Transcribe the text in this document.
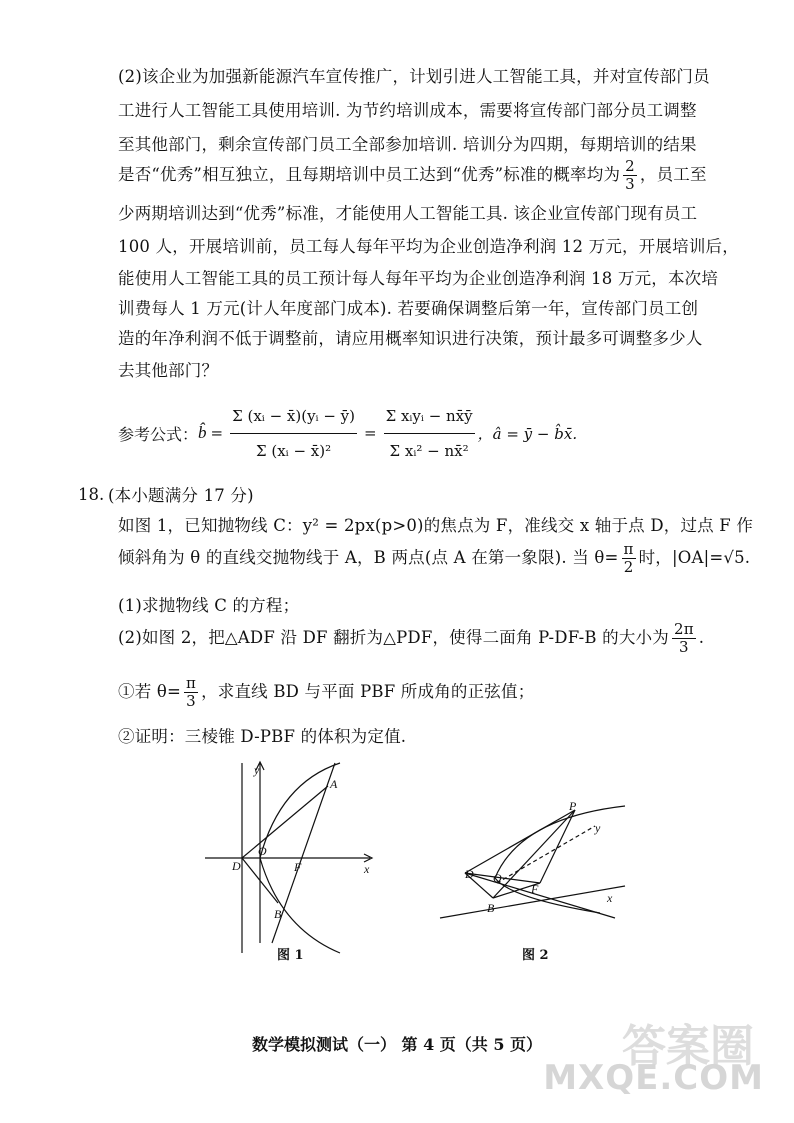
(2)该企业为加强新能源汽车宣传推广，计划引进人工智能工具，并对宣传部门员
工进行人工智能工具使用培训. 为节约培训成本，需要将宣传部门部分员工调整
至其他部门，剩余宣传部门员工全部参加培训. 培训分为四期，每期培训的结果
是否“优秀”相互独立，且每期培训中员工达到“优秀”标准的概率均为 $\frac{2}{3}$ ，员工至
少两期培训达到“优秀”标准，才能使用人工智能工具. 该企业宣传部门现有员工
100 人，开展培训前，员工每人每年平均为企业创造净利润 12 万元，开展培训后，
能使用人工智能工具的员工预计每人每年平均为企业创造净利润 18 万元，本次培
训费每人 1 万元(计人年度部门成本). 若要确保调整后第一年，宣传部门员工创
造的年净利润不低于调整前，请应用概率知识进行决策，预计最多可调整多少人
去其他部门？
参考公式： b̂ = $\frac{\text{Σ (xᵢ − x̄)(yᵢ − ȳ)}}{\text{Σ (xᵢ − x̄)²}} = \frac{\text{Σ xᵢyᵢ − nx̄ȳ}}{\text{Σ xᵢ² − nx̄²}}$ ，â = ȳ − b̂x̄.
18. (本小题满分 17 分)
如图 1，已知抛物线 C：y² = 2px(p>0)的焦点为 F，准线交 x 轴于点 D，过点 F 作
倾斜角为 θ 的直线交抛物线于 A，B 两点(点 A 在第一象限). 当 $\theta= \frac{\pi}{2}$ 时，|OA|=√5.
(1)求抛物线 C 的方程；
(2)如图 2，把△ADF 沿 DF 翻折为△PDF，使得二面角 P-DF-B 的大小为 $\frac{2\pi}{3}$ .
①若 $\theta= \frac{\pi}{3}$ ，求直线 BD 与平面 PBF 所成角的正弦值；
②证明：三棱锥 D-PBF 的体积为定值.
y
x
A
O
D	F
B
图 1
P
y
D O
F
B
x
图 2
数学模拟测试（一） 第 4 页（共 5 页）	答案圈
MXQE.COM
